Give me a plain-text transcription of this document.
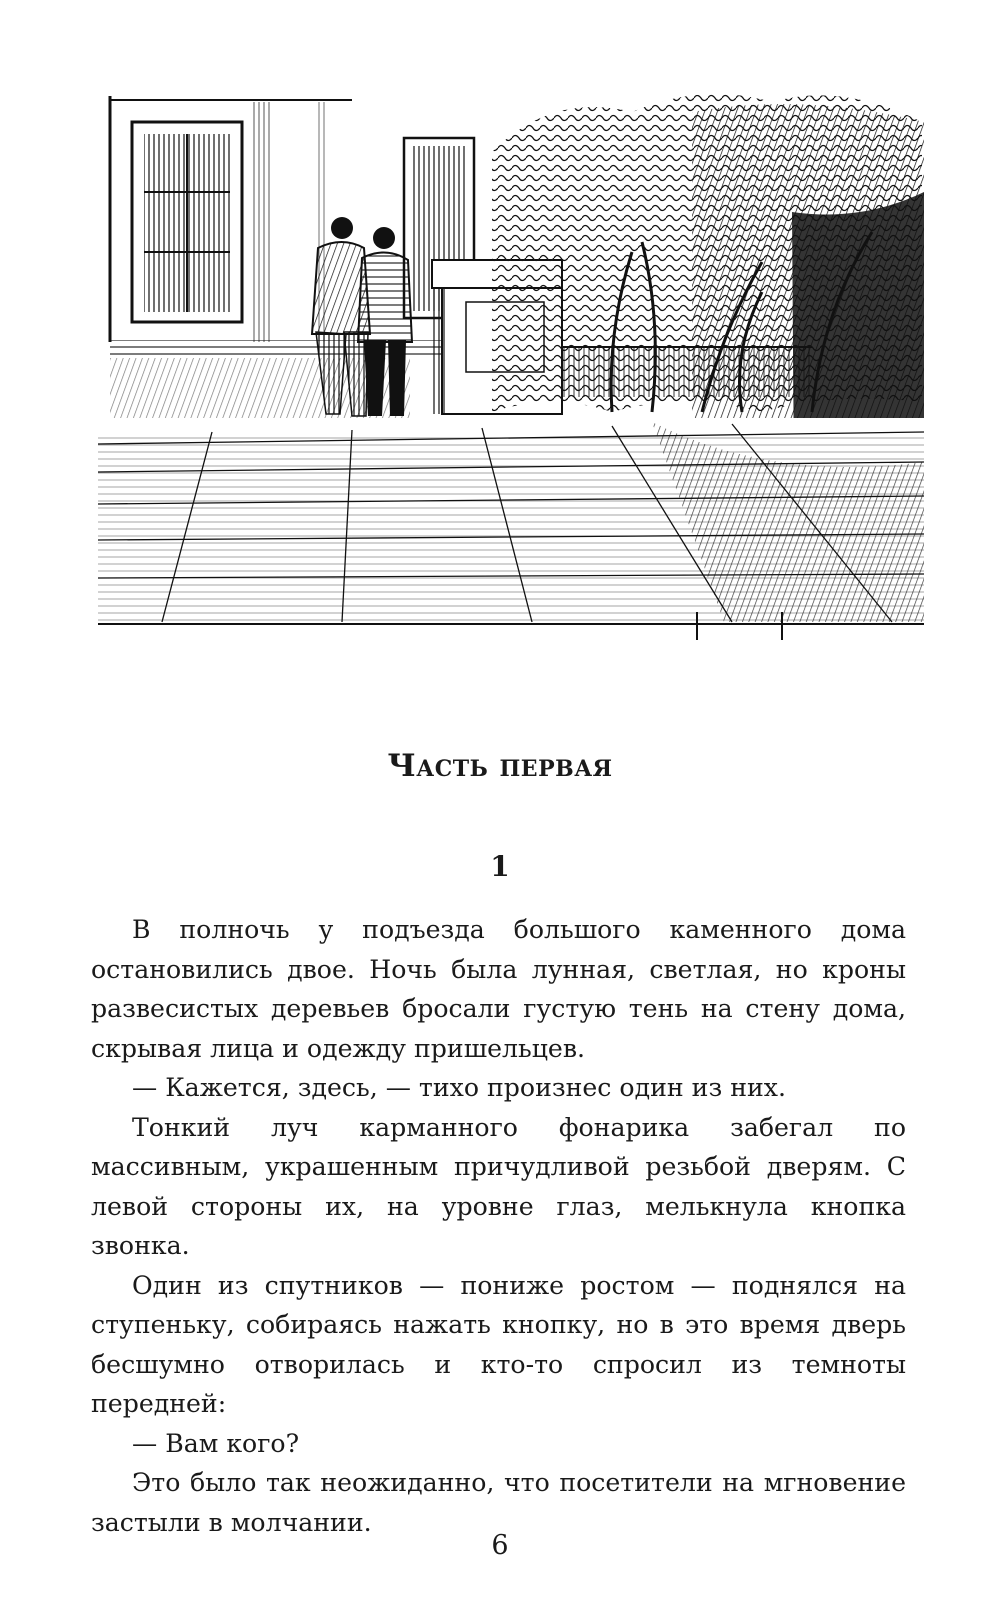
Часть первая
1

В полночь у подъезда большого каменного дома остановились двое. Ночь была лунная, светлая, но кроны развесистых деревьев бросали густую тень на стену дома, скрывая лица и одежду пришельцев.

— Кажется, здесь, — тихо произнес один из них.

Тонкий луч карманного фонарика забегал по массивным, украшенным причудливой резьбой дверям. С левой стороны их, на уровне глаз, мелькнула кнопка звонка.

Один из спутников — пониже ростом — поднялся на ступеньку, собираясь нажать кнопку, но в это время дверь бесшумно отворилась и кто-то спросил из темноты передней:

— Вам кого?

Это было так неожиданно, что посетители на мгновение застыли в молчании.

6
